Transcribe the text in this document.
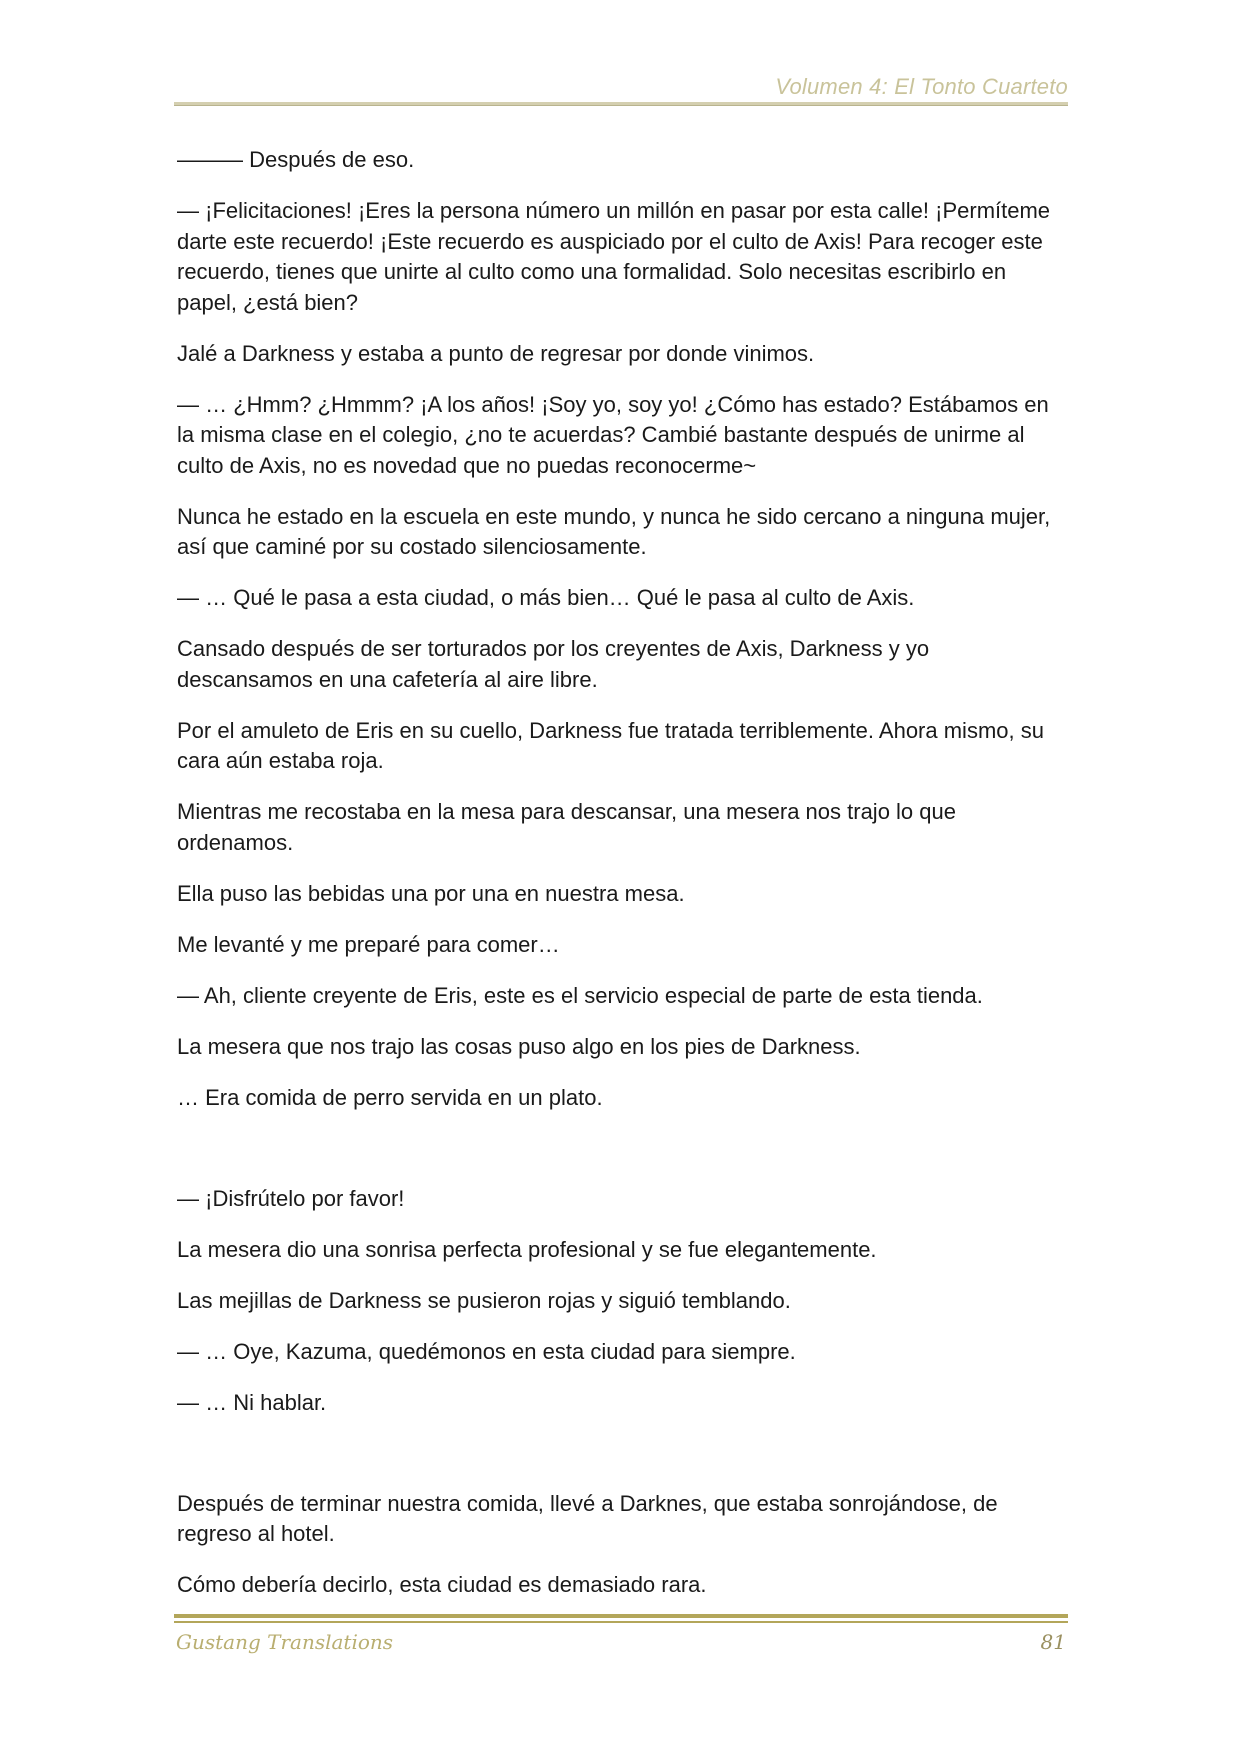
Volumen 4: El Tonto Cuarteto

——— Después de eso.

— ¡Felicitaciones! ¡Eres la persona número un millón en pasar por esta calle! ¡Permíteme darte este recuerdo! ¡Este recuerdo es auspiciado por el culto de Axis! Para recoger este recuerdo, tienes que unirte al culto como una formalidad. Solo necesitas escribirlo en papel, ¿está bien?

Jalé a Darkness y estaba a punto de regresar por donde vinimos.

— … ¿Hmm? ¿Hmmm? ¡A los años! ¡Soy yo, soy yo! ¿Cómo has estado? Estábamos en la misma clase en el colegio, ¿no te acuerdas? Cambié bastante después de unirme al culto de Axis, no es novedad que no puedas reconocerme~

Nunca he estado en la escuela en este mundo, y nunca he sido cercano a ninguna mujer, así que caminé por su costado silenciosamente.

— … Qué le pasa a esta ciudad, o más bien… Qué le pasa al culto de Axis.

Cansado después de ser torturados por los creyentes de Axis, Darkness y yo descansamos en una cafetería al aire libre.

Por el amuleto de Eris en su cuello, Darkness fue tratada terriblemente. Ahora mismo, su cara aún estaba roja.

Mientras me recostaba en la mesa para descansar, una mesera nos trajo lo que ordenamos.

Ella puso las bebidas una por una en nuestra mesa.

Me levanté y me preparé para comer…

— Ah, cliente creyente de Eris, este es el servicio especial de parte de esta tienda.

La mesera que nos trajo las cosas puso algo en los pies de Darkness.

… Era comida de perro servida en un plato.

— ¡Disfrútelo por favor!

La mesera dio una sonrisa perfecta profesional y se fue elegantemente.

Las mejillas de Darkness se pusieron rojas y siguió temblando.

— … Oye, Kazuma, quedémonos en esta ciudad para siempre.

— … Ni hablar.

Después de terminar nuestra comida, llevé a Darknes, que estaba sonrojándose, de regreso al hotel.

Cómo debería decirlo, esta ciudad es demasiado rara.

Gustang Translations	81
